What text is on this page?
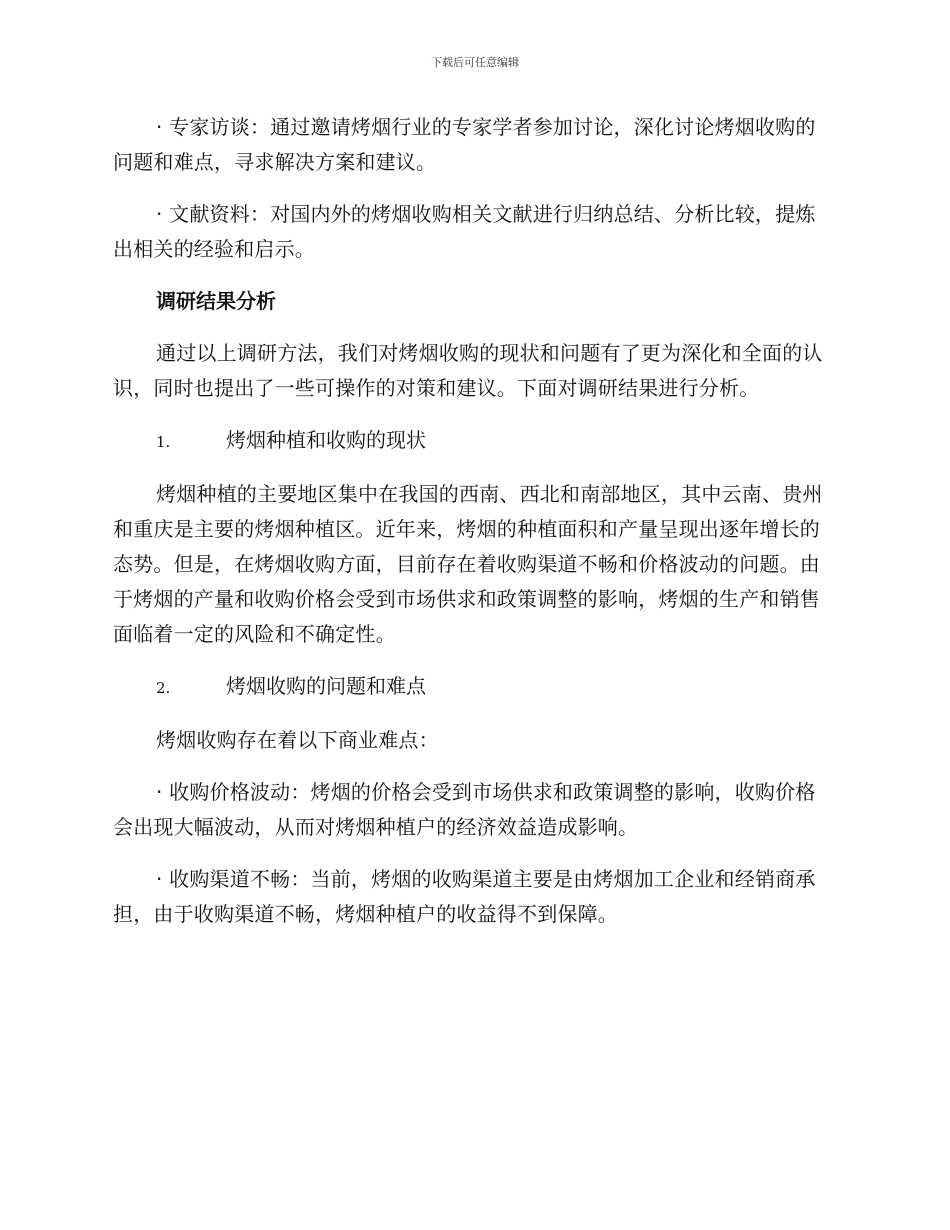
下载后可任意编辑

· 专家访谈：通过邀请烤烟行业的专家学者参加讨论，深化讨论烤烟收购的问题和难点，寻求解决方案和建议。

· 文献资料：对国内外的烤烟收购相关文献进行归纳总结、分析比较，提炼出相关的经验和启示。

调研结果分析

通过以上调研方法，我们对烤烟收购的现状和问题有了更为深化和全面的认识，同时也提出了一些可操作的对策和建议。下面对调研结果进行分析。

1.	烤烟种植和收购的现状

烤烟种植的主要地区集中在我国的西南、西北和南部地区，其中云南、贵州和重庆是主要的烤烟种植区。近年来，烤烟的种植面积和产量呈现出逐年增长的态势。但是，在烤烟收购方面，目前存在着收购渠道不畅和价格波动的问题。由于烤烟的产量和收购价格会受到市场供求和政策调整的影响，烤烟的生产和销售面临着一定的风险和不确定性。

2.	烤烟收购的问题和难点

烤烟收购存在着以下商业难点：

· 收购价格波动：烤烟的价格会受到市场供求和政策调整的影响，收购价格会出现大幅波动，从而对烤烟种植户的经济效益造成影响。

· 收购渠道不畅：当前，烤烟的收购渠道主要是由烤烟加工企业和经销商承担，由于收购渠道不畅，烤烟种植户的收益得不到保障。
